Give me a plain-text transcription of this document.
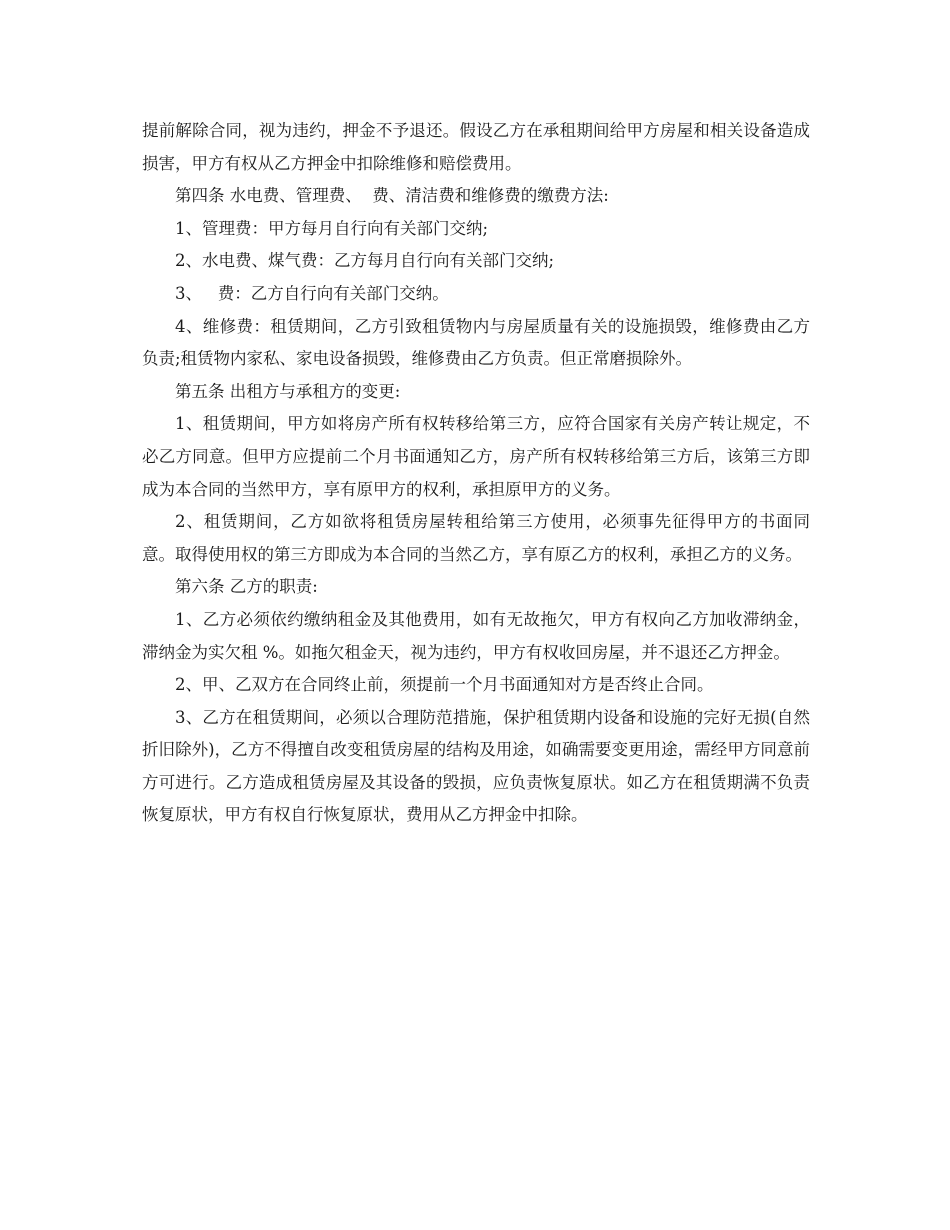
提前解除合同，视为违约，押金不予退还。假设乙方在承租期间给甲方房屋和相关设备造成损害，甲方有权从乙方押金中扣除维修和赔偿费用。

第四条 水电费、管理费、  费、清洁费和维修费的缴费方法:

1、管理费：甲方每月自行向有关部门交纳;

2、水电费、煤气费：乙方每月自行向有关部门交纳;

3、   费：乙方自行向有关部门交纳。

4、维修费：租赁期间，乙方引致租赁物内与房屋质量有关的设施损毁，维修费由乙方负责;租赁物内家私、家电设备损毁，维修费由乙方负责。但正常磨损除外。

第五条 出租方与承租方的变更:

1、租赁期间，甲方如将房产所有权转移给第三方，应符合国家有关房产转让规定，不必乙方同意。但甲方应提前二个月书面通知乙方，房产所有权转移给第三方后，该第三方即成为本合同的当然甲方，享有原甲方的权利，承担原甲方的义务。

2、租赁期间，乙方如欲将租赁房屋转租给第三方使用，必须事先征得甲方的书面同意。取得使用权的第三方即成为本合同的当然乙方，享有原乙方的权利，承担乙方的义务。

第六条 乙方的职责:

1、乙方必须依约缴纳租金及其他费用，如有无故拖欠，甲方有权向乙方加收滞纳金，滞纳金为实欠租 %。如拖欠租金天，视为违约，甲方有权收回房屋，并不退还乙方押金。

2、甲、乙双方在合同终止前，须提前一个月书面通知对方是否终止合同。

3、乙方在租赁期间，必须以合理防范措施，保护租赁期内设备和设施的完好无损(自然折旧除外)，乙方不得擅自改变租赁房屋的结构及用途，如确需要变更用途，需经甲方同意前方可进行。乙方造成租赁房屋及其设备的毁损，应负责恢复原状。如乙方在租赁期满不负责恢复原状，甲方有权自行恢复原状，费用从乙方押金中扣除。
